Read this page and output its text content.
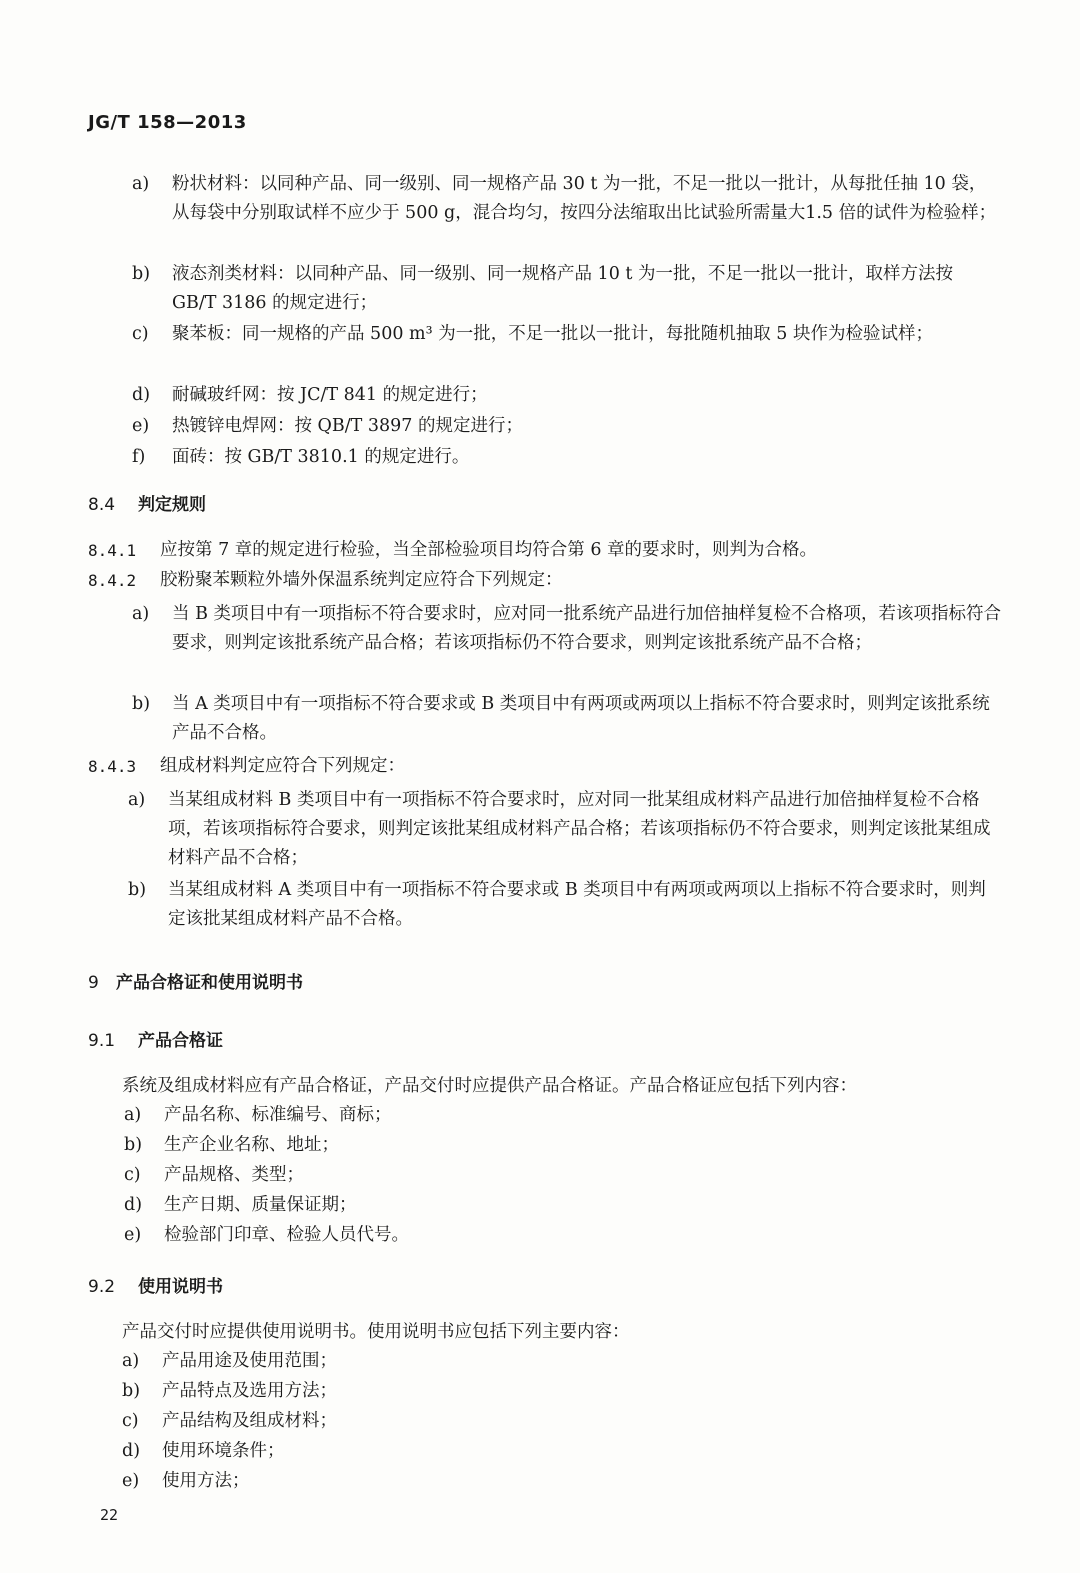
JG/T 158—2013
a) 粉状材料：以同种产品、同一级别、同一规格产品 30 t 为一批，不足一批以一批计，从每批任抽 10 袋，从每袋中分别取试样不应少于 500 g，混合均匀，按四分法缩取出比试验所需量大1.5 倍的试件为检验样；
b) 液态剂类材料：以同种产品、同一级别、同一规格产品 10 t 为一批，不足一批以一批计，取样方法按 GB/T 3186 的规定进行；
c) 聚苯板：同一规格的产品 500 m³ 为一批，不足一批以一批计，每批随机抽取 5 块作为检验试样；
d) 耐碱玻纤网：按 JC/T 841 的规定进行；
e) 热镀锌电焊网：按 QB/T 3897 的规定进行；
f) 面砖：按 GB/T 3810.1 的规定进行。
8.4 判定规则
8.4.1 应按第 7 章的规定进行检验，当全部检验项目均符合第 6 章的要求时，则判为合格。
8.4.2 胶粉聚苯颗粒外墙外保温系统判定应符合下列规定：
a) 当 B 类项目中有一项指标不符合要求时，应对同一批系统产品进行加倍抽样复检不合格项，若该项指标符合要求，则判定该批系统产品合格；若该项指标仍不符合要求，则判定该批系统产品不合格；
b) 当 A 类项目中有一项指标不符合要求或 B 类项目中有两项或两项以上指标不符合要求时，则判定该批系统产品不合格。
8.4.3 组成材料判定应符合下列规定：
a) 当某组成材料 B 类项目中有一项指标不符合要求时，应对同一批某组成材料产品进行加倍抽样复检不合格项，若该项指标符合要求，则判定该批某组成材料产品合格；若该项指标仍不符合要求，则判定该批某组成材料产品不合格；
b) 当某组成材料 A 类项目中有一项指标不符合要求或 B 类项目中有两项或两项以上指标不符合要求时，则判定该批某组成材料产品不合格。
9 产品合格证和使用说明书
9.1 产品合格证
系统及组成材料应有产品合格证，产品交付时应提供产品合格证。产品合格证应包括下列内容：
a) 产品名称、标准编号、商标；
b) 生产企业名称、地址；
c) 产品规格、类型；
d) 生产日期、质量保证期；
e) 检验部门印章、检验人员代号。
9.2 使用说明书
产品交付时应提供使用说明书。使用说明书应包括下列主要内容：
a) 产品用途及使用范围；
b) 产品特点及选用方法；
c) 产品结构及组成材料；
d) 使用环境条件；
e) 使用方法；
22
